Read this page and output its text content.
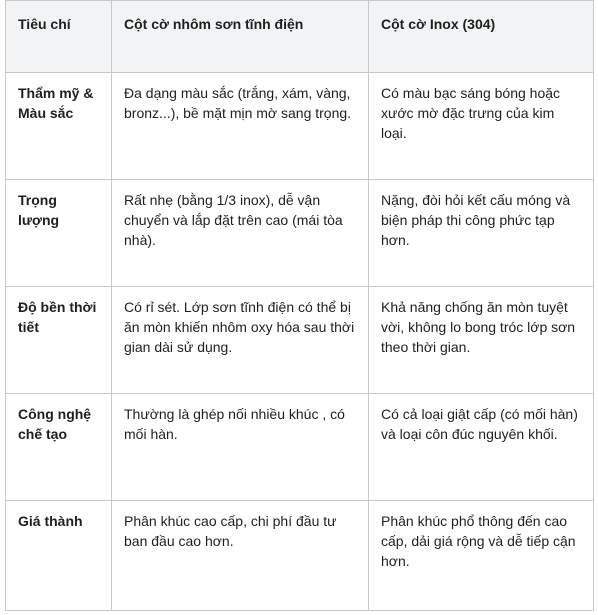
Tiêu chí	Cột cờ nhôm sơn tĩnh điện	Cột cờ Inox (304)
Thẩm mỹ & Màu sắc	Đa dạng màu sắc (trắng, xám, vàng, bronz...), bề mặt mịn mờ sang trọng.	Có màu bạc sáng bóng hoặc xước mờ đặc trưng của kim loại.
Trọng lượng	Rất nhẹ (bằng 1/3 inox), dễ vận chuyển và lắp đặt trên cao (mái tòa nhà).	Nặng, đòi hỏi kết cấu móng và biện pháp thi công phức tạp hơn.
Độ bền thời tiết	Có rỉ sét. Lớp sơn tĩnh điện có thể bị ăn mòn khiến nhôm oxy hóa sau thời gian dài sử dụng.	Khả năng chống ăn mòn tuyệt vời, không lo bong tróc lớp sơn theo thời gian.
Công nghệ chế tạo	Thường là ghép nối nhiều khúc , có mối hàn.	Có cả loại giật cấp (có mối hàn) và loại côn đúc nguyên khối.
Giá thành	Phân khúc cao cấp, chi phí đầu tư ban đầu cao hơn.	Phân khúc phổ thông đến cao cấp, dải giá rộng và dễ tiếp cận hơn.
